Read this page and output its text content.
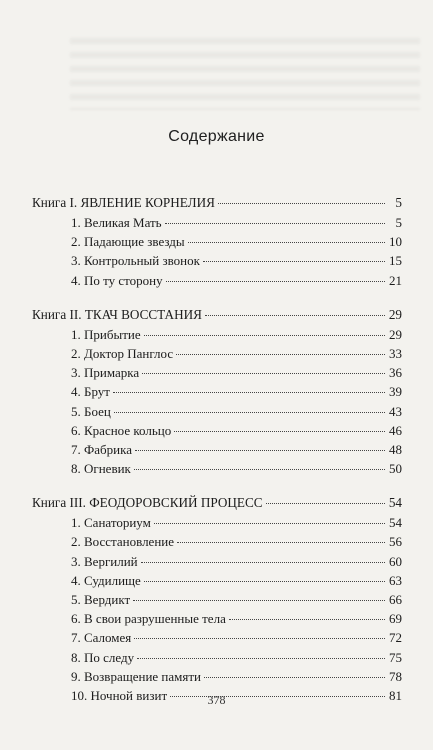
Содержание
Книга I. ЯВЛЕНИЕ КОРНЕЛИЯ	5
1. Великая Мать	5
2. Падающие звезды	10
3. Контрольный звонок	15
4. По ту сторону	21
Книга II. ТКАЧ ВОССТАНИЯ	29
1. Прибытие	29
2. Доктор Панглос	33
3. Примарка	36
4. Брут	39
5. Боец	43
6. Красное кольцо	46
7. Фабрика	48
8. Огневик	50
Книга III. ФЕОДОРОВСКИЙ ПРОЦЕСС	54
1. Санаториум	54
2. Восстановление	56
3. Вергилий	60
4. Судилище	63
5. Вердикт	66
6. В свои разрушенные тела	69
7. Саломея	72
8. По следу	75
9. Возвращение памяти	78
10. Ночной визит	81
378
